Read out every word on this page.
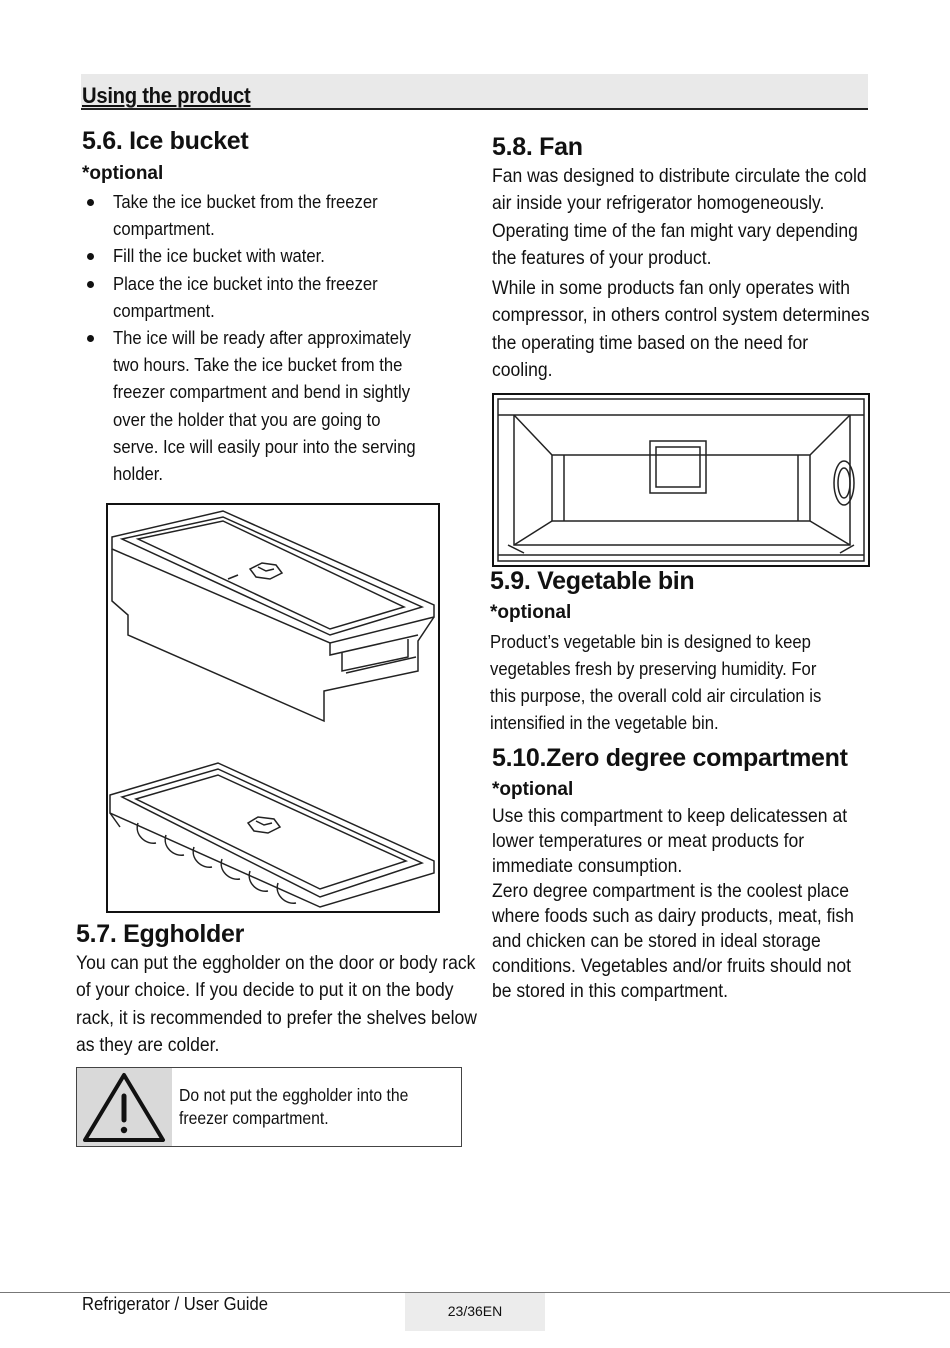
Using the product
5.6. Ice bucket
*optional
Take the ice bucket from the freezer compartment.
Fill the ice bucket with water.
Place the ice bucket into the freezer compartment.
The ice will be ready after approximately two hours. Take the ice bucket from the freezer compartment and bend in sightly over the holder that you are going to serve. Ice will easily pour into the serving holder.
5.7. Eggholder
You can put the eggholder on the door or body rack of your choice. If you decide to put it on the body rack, it is recommended to prefer the shelves below as they are colder.
Do not put the eggholder into the freezer compartment.
5.8. Fan
Fan was designed to distribute circulate the cold air inside your refrigerator homogeneously. Operating time of the fan might vary depending the features of your product.
While in some products fan only operates with compressor, in others control system determines the operating time based on the need for cooling.
5.9. Vegetable bin
*optional
Product’s vegetable bin is designed to keep vegetables fresh by preserving humidity. For this purpose, the overall cold air circulation is intensified in the vegetable bin.
5.10.Zero degree compartment
*optional
Use this compartment to keep delicatessen at lower temperatures or meat products for immediate consumption.
Zero degree compartment is the coolest place where foods such as dairy products, meat, fish and chicken can be stored in ideal storage conditions. Vegetables and/or fruits should not be stored in this compartment.
Refrigerator / User Guide	23/36EN
